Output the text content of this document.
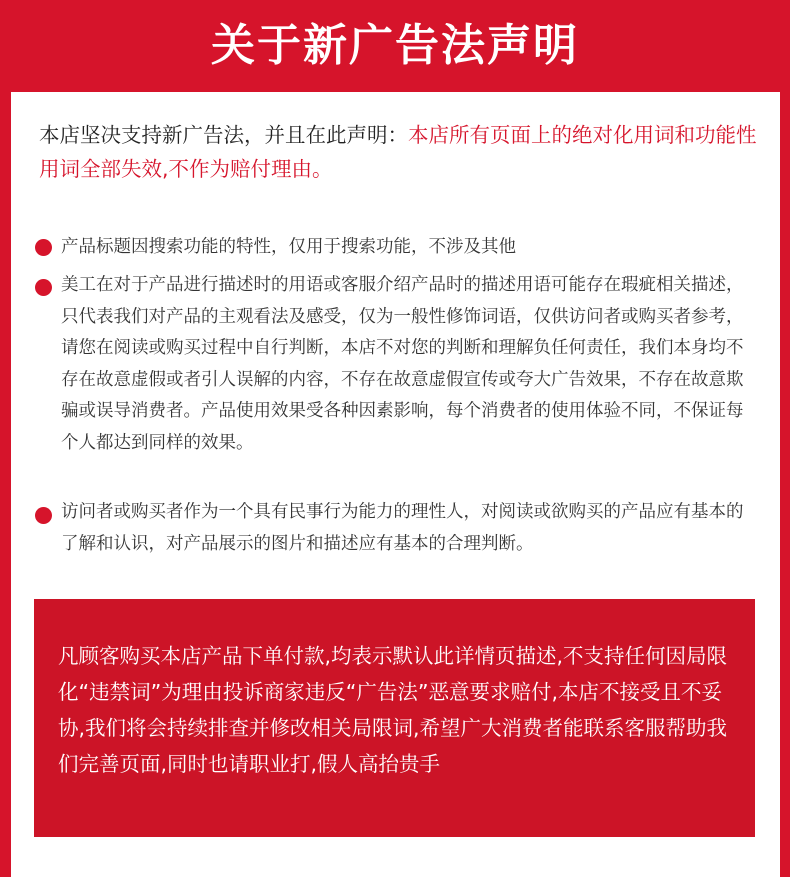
关于新广告法声明
本店坚决支持新广告法，并且在此声明：本店所有页面上的绝对化用词和功能性用词全部失效,不作为赔付理由。
产品标题因搜索功能的特性，仅用于搜索功能，不涉及其他
美工在对于产品进行描述时的用语或客服介绍产品时的描述用语可能存在瑕疵相关描述，只代表我们对产品的主观看法及感受，仅为一般性修饰词语，仅供访问者或购买者参考，请您在阅读或购买过程中自行判断，本店不对您的判断和理解负任何责任，我们本身均不存在故意虚假或者引人误解的内容，不存在故意虚假宣传或夸大广告效果，不存在故意欺骗或误导消费者。产品使用效果受各种因素影响，每个消费者的使用体验不同，不保证每个人都达到同样的效果。
访问者或购买者作为一个具有民事行为能力的理性人，对阅读或欲购买的产品应有基本的了解和认识，对产品展示的图片和描述应有基本的合理判断。
凡顾客购买本店产品下单付款,均表示默认此详情页描述,不支持任何因局限化“违禁词”为理由投诉商家违反“广告法”恶意要求赔付,本店不接受且不妥协,我们将会持续排查并修改相关局限词,希望广大消费者能联系客服帮助我们完善页面,同时也请职业打,假人高抬贵手
